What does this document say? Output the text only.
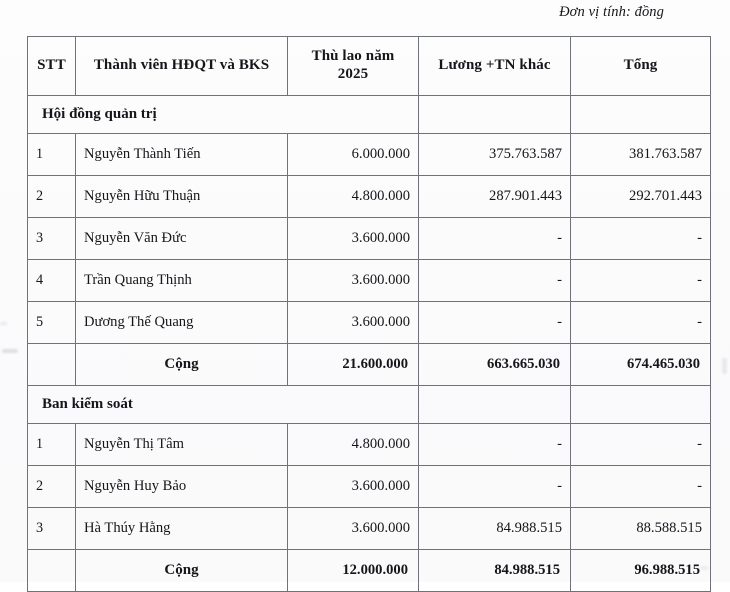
Đơn vị tính: đồng
STT	Thành viên HĐQT và BKS	Thù lao năm 2025	Lương +TN khác	Tổng
Hội đồng quản trị				
1	Nguyễn Thành Tiến	6.000.000	375.763.587	381.763.587
2	Nguyễn Hữu Thuận	4.800.000	287.901.443	292.701.443
3	Nguyễn Văn Đức	3.600.000	-	-
4	Trần Quang Thịnh	3.600.000	-	-
5	Dương Thế Quang	3.600.000	-	-
	Cộng	21.600.000	663.665.030	674.465.030
Ban kiểm soát				
1	Nguyễn Thị Tâm	4.800.000	-	-
2	Nguyễn Huy Bảo	3.600.000	-	-
3	Hà Thúy Hằng	3.600.000	84.988.515	88.588.515
	Cộng	12.000.000	84.988.515	96.988.515
